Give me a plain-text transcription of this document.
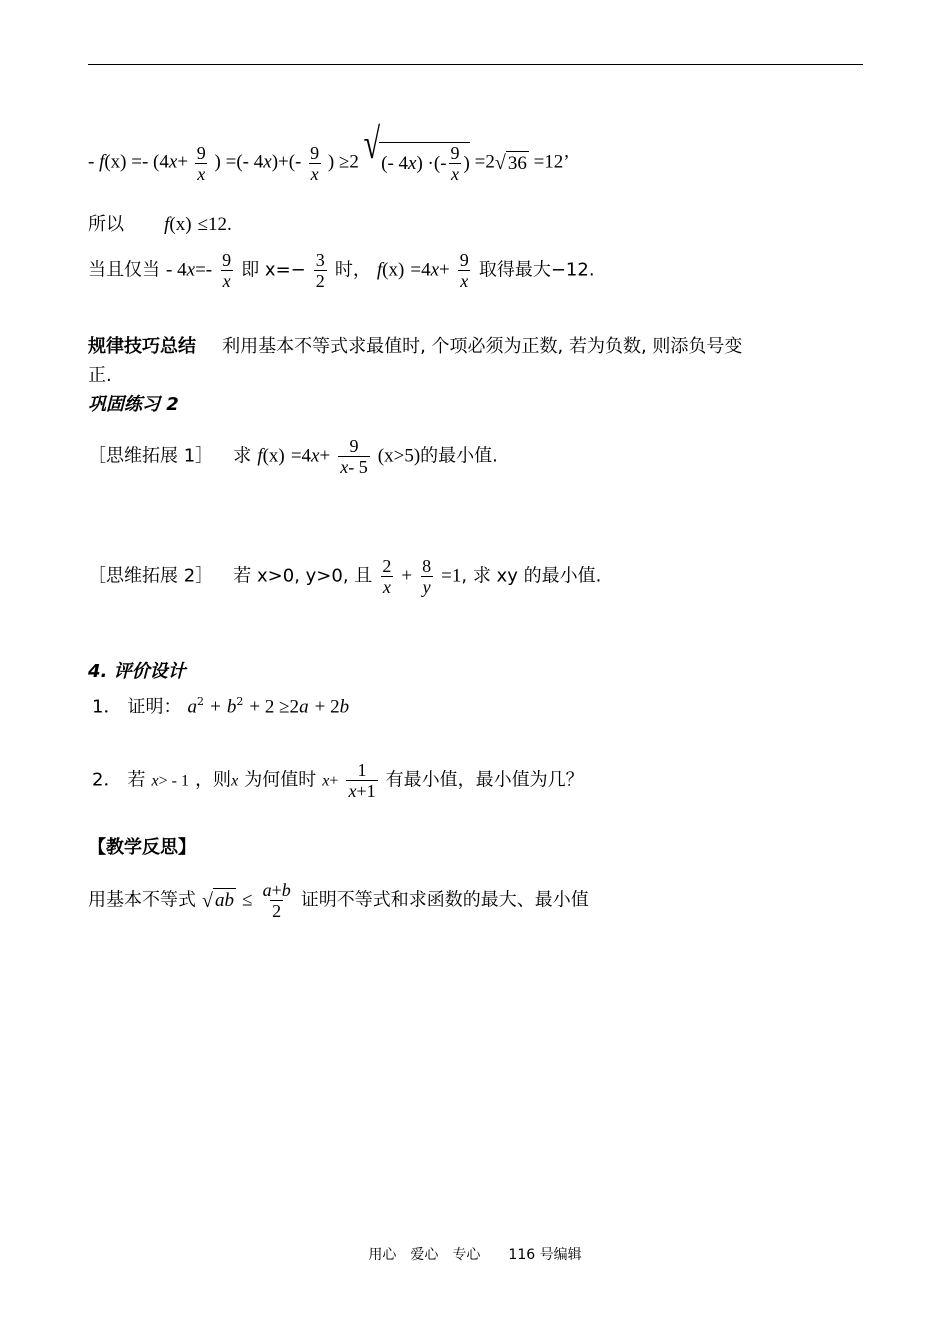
- $f(x) =- (4x+ \frac{9}{x}$ ) =(- $4x)+(- \frac{9}{x}$ ) ≥2 √ (- 4 x ) ·(- 9
x
) =2 √ 36 =12’
所以 f(x) ≤12.
当且仅当 - $4x=- \frac{9}{x}$ 即 $x=- \frac{3}{2}$ 时， $f(x) =4x+ \frac{9}{x}$ 取得最大−12.
规律技巧总结 利用基本不等式求最值时, 个项必须为正数, 若为负数, 则添负号变
正.
巩固练习 2
［思维拓展 1］ 求 $f(x) =4x+ \frac{9}{x- 5} (x>5)$的最小值.
［思维拓展 2］ 若 x>0, y>0, 且 $\frac{2}{x} + \frac{8}{y} =1$, 求 xy 的最小值.
4. 评价设计
1． 证明： $a^2 + b^2 + 2 \ge 2a + 2b$
2． 若 x> - 1 ，则x 为何值时 $x+ \frac{1}{x+1}$ 有最小值，最小值为几？
【教学反思】
用基本不等式 √ ab ≤ $\frac{a+b}{2}$ 证明不等式和求函数的最大、最小值
用心　爱心　专心　　116 号编辑
